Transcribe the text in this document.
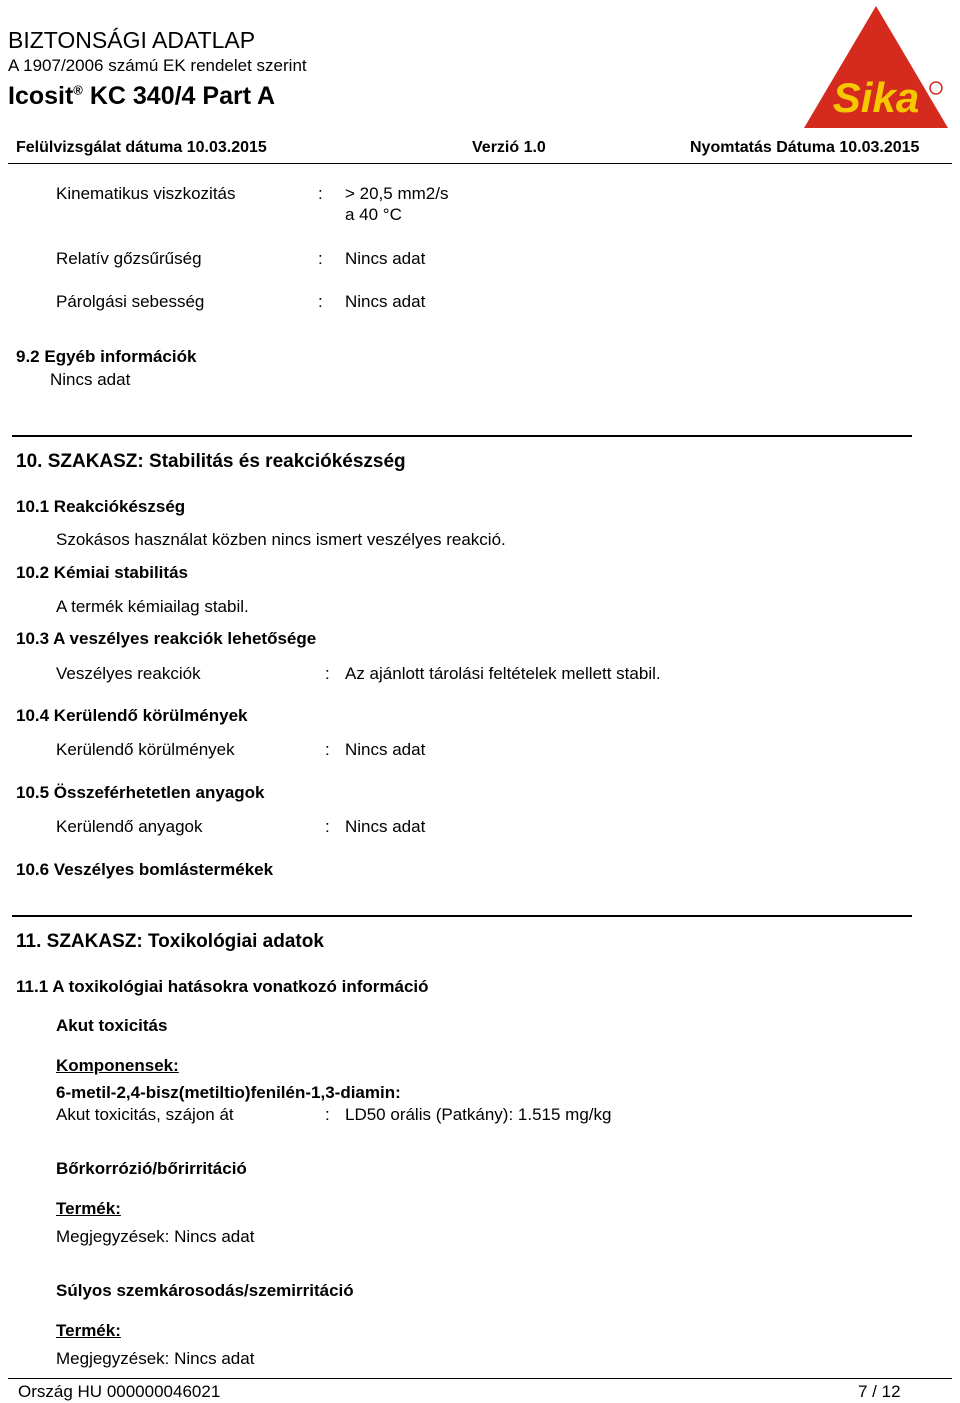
BIZTONSÁGI ADATLAP
A 1907/2006 számú EK rendelet szerint
Icosit® KC 340/4 Part A
Felülvizsgálat dátuma 10.03.2015	Verzió 1.0	Nyomtatás Dátuma 10.03.2015
Sika
Kinematikus viszkozitás	: > 20,5 mm2/s
a 40 °C
Relatív gőzsűrűség	: Nincs adat
Párolgási sebesség	: Nincs adat
9.2 Egyéb információk
Nincs adat
10. SZAKASZ: Stabilitás és reakciókészség
10.1 Reakciókészség
Szokásos használat közben nincs ismert veszélyes reakció.
10.2 Kémiai stabilitás
A termék kémiailag stabil.
10.3 A veszélyes reakciók lehetősége
Veszélyes reakciók	: Az ajánlott tárolási feltételek mellett stabil.
10.4 Kerülendő körülmények
Kerülendő körülmények	: Nincs adat
10.5 Összeférhetetlen anyagok
Kerülendő anyagok	: Nincs adat
10.6 Veszélyes bomlástermékek
11. SZAKASZ: Toxikológiai adatok
11.1 A toxikológiai hatásokra vonatkozó információ
Akut toxicitás
Komponensek:
6-metil-2,4-bisz(metiltio)fenilén-1,3-diamin:
Akut toxicitás, szájon át	: LD50 orális (Patkány): 1.515 mg/kg
Bőrkorrózió/bőrirritáció
Termék:
Megjegyzések: Nincs adat
Súlyos szemkárosodás/szemirritáció
Termék:
Megjegyzések: Nincs adat
Ország HU 000000046021	7 / 12
